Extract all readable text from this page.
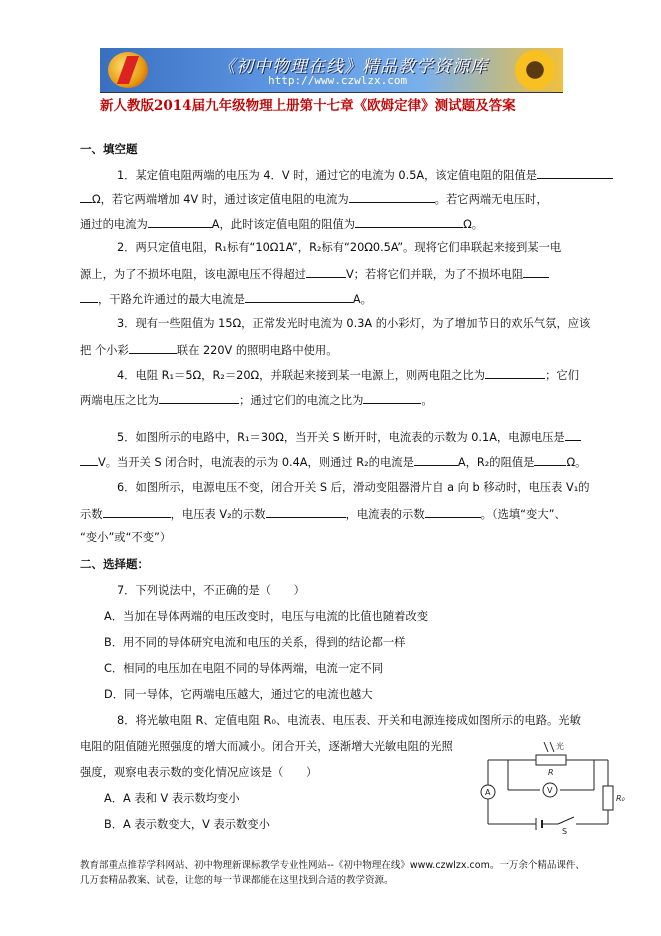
《初中物理在线》精品教学资源库
http://www.czwlzx.com
新人教版2014届九年级物理上册第十七章《欧姆定律》测试题及答案
一、填空题
1．某定值电阻两端的电压为 4．V 时，通过它的电流为 0.5A，该定值电阻的阻值是
Ω，若它两端增加 4V 时，通过该定值电阻的电流为	。若它两端无电压时，
通过的电流为	A，此时该定值电阻的阻值为	Ω。
2．两只定值电阻，R₁标有“10Ω1A”，R₂标有“20Ω0.5A”。现将它们串联起来接到某一电
源上，为了不损坏电阻，该电源电压不得超过	V；若将它们并联，为了不损坏电阻
，干路允许通过的最大电流是	A。
3．现有一些阻值为 15Ω，正常发光时电流为 0.3A 的小彩灯，为了增加节日的欢乐气氛，应该
把 个小彩	联在 220V 的照明电路中使用。
4．电阻 R₁＝5Ω，R₂＝20Ω，并联起来接到某一电源上，则两电阻之比为	；它们
两端电压之比为	；通过它们的电流之比为	。
5．如图所示的电路中，R₁＝30Ω，当开关 S 断开时，电流表的示数为 0.1A，电源电压是
V。当开关 S 闭合时，电流表的示为 0.4A，则通过 R₂的电流是	A，R₂的阻值是	Ω。
6．如图所示，电源电压不变，闭合开关 S 后，滑动变阻器滑片自 a 向 b 移动时，电压表 V₁的
示数	，电压表 V₂的示数	，电流表的示数	。（选填“变大”、
“变小”或“不变”）
二、选择题：
7．下列说法中，不正确的是（　　）
A．当加在导体两端的电压改变时，电压与电流的比值也随着改变
B．用不同的导体研究电流和电压的关系，得到的结论都一样
C．相同的电压加在电阻不同的导体两端，电流一定不同
D．同一导体，它两端电压越大，通过它的电流也越大
8．将光敏电阻 R、定值电阻 R₀、电流表、电压表、开关和电源连接成如图所示的电路。光敏
电阻的阻值随光照强度的增大而减小。闭合开关，逐渐增大光敏电阻的光照
强度，观察电表示数的变化情况应该是（　　）
A．A 表和 V 表示数均变小
B．A 表示数变大，V 表示数变小
光
R
R₀
A	V
S
教育部重点推荐学科网站、初中物理新课标教学专业性网站--《初中物理在线》www.czwlzx.com。一万余个精品课件、
几万套精品教案、试卷，让您的每一节课都能在这里找到合适的教学资源。
